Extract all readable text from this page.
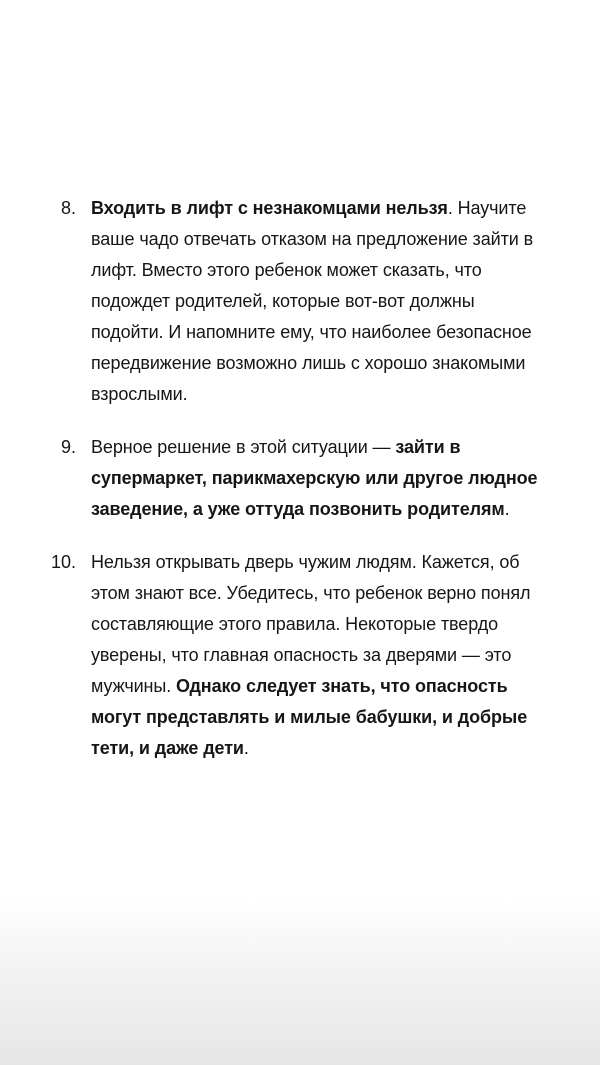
8. Входить в лифт с незнакомцами нельзя. Научите ваше чадо отвечать отказом на предложение зайти в лифт. Вместо этого ребенок может сказать, что подождет родителей, которые вот-вот должны подойти. И напомните ему, что наиболее безопасное передвижение возможно лишь с хорошо знакомыми взрослыми.
9. Верное решение в этой ситуации — зайти в супермаркет, парикмахерскую или другое людное заведение, а уже оттуда позвонить родителям.
10. Нельзя открывать дверь чужим людям. Кажется, об этом знают все. Убедитесь, что ребенок верно понял составляющие этого правила. Некоторые твердо уверены, что главная опасность за дверями — это мужчины. Однако следует знать, что опасность могут представлять и милые бабушки, и добрые тети, и даже дети.
